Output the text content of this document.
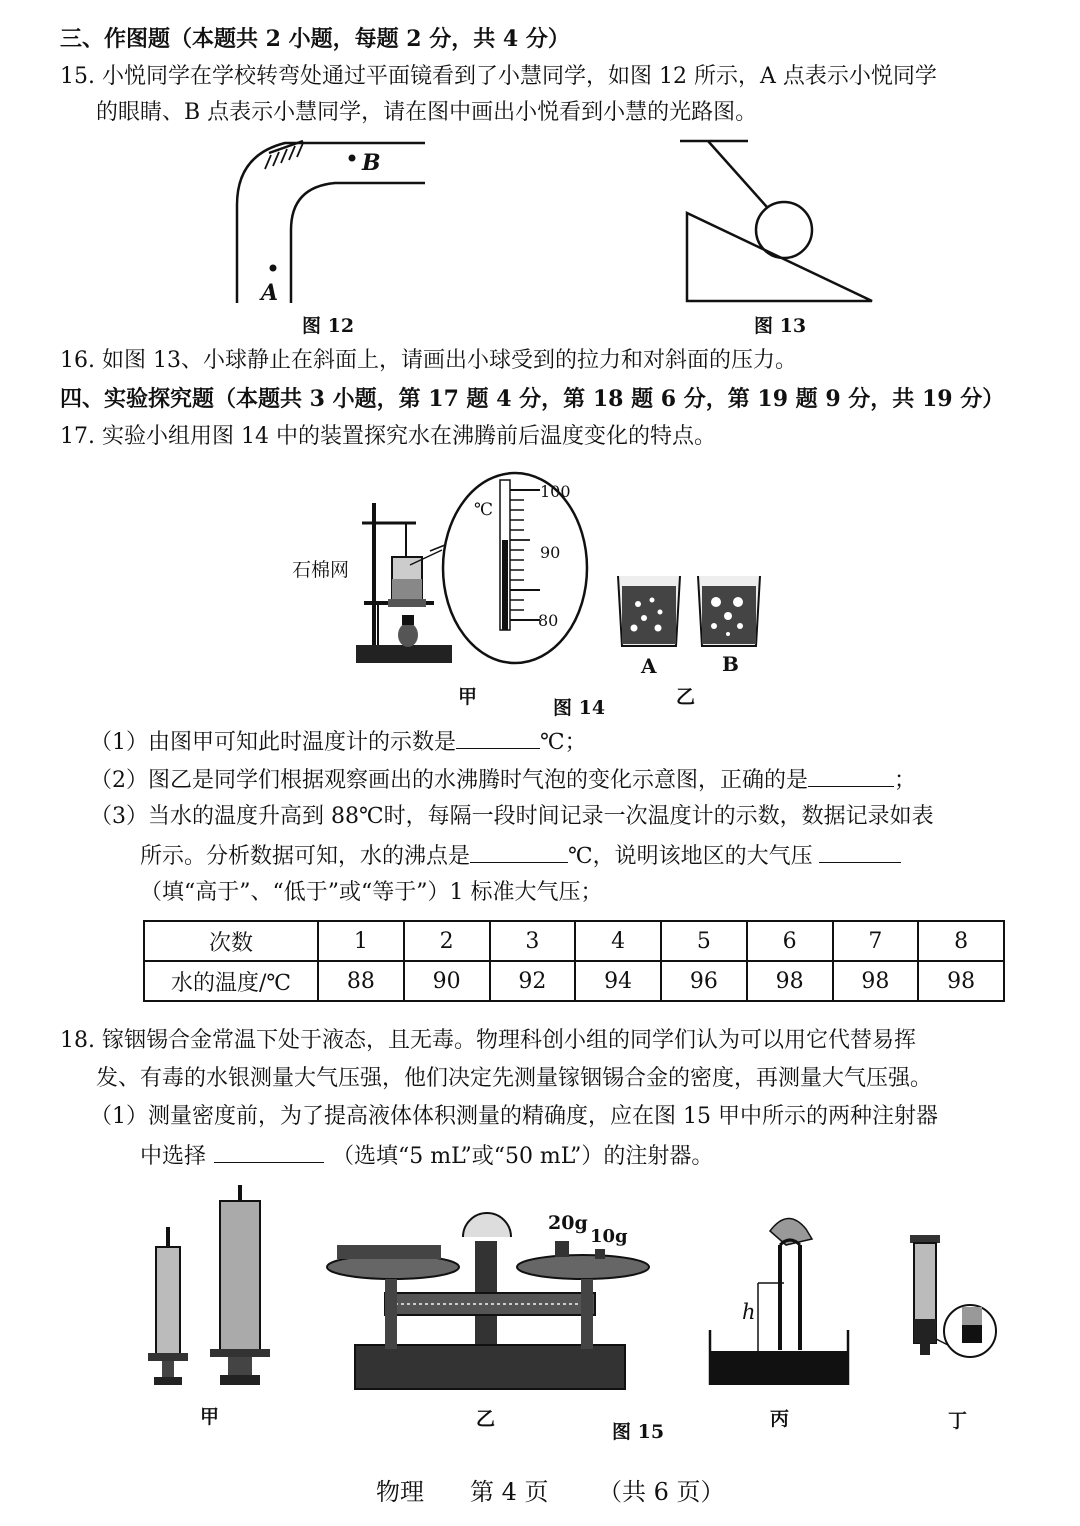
三、作图题（本题共 2 小题，每题 2 分，共 4 分）
15. 小悦同学在学校转弯处通过平面镜看到了小慧同学，如图 12 所示，A 点表示小悦同学
的眼睛、B 点表示小慧同学，请在图中画出小悦看到小慧的光路图。
B
A
图 12	图 13
16. 如图 13、小球静止在斜面上，请画出小球受到的拉力和对斜面的压力。
四、实验探究题（本题共 3 小题，第 17 题 4 分，第 18 题 6 分，第 19 题 9 分，共 19 分）
17. 实验小组用图 14 中的装置探究水在沸腾前后温度变化的特点。
石棉网
℃
100
90
80
A	B
甲	乙
图 14
（1）由图甲可知此时温度计的示数是	℃；
（2）图乙是同学们根据观察画出的水沸腾时气泡的变化示意图，正确的是	；
（3）当水的温度升高到 88℃时，每隔一段时间记录一次温度计的示数，数据记录如表
所示。分析数据可知，水的沸点是	℃，说明该地区的大气压
（填“高于”、“低于”或“等于”）1 标准大气压；
次数	1	2	3	4	5	6	7	8
水的温度/℃	88	90	92	94	96	98	98	98
18. 镓铟锡合金常温下处于液态，且无毒。物理科创小组的同学们认为可以用它代替易挥
发、有毒的水银测量大气压强，他们决定先测量镓铟锡合金的密度，再测量大气压强。
（1）测量密度前，为了提高液体体积测量的精确度，应在图 15 甲中所示的两种注射器
中选择	（选填“5 mL”或“50 mL”）的注射器。
甲
20g
10g
乙
图 15
h
丙	丁
物理 第 4 页 （共 6 页）
